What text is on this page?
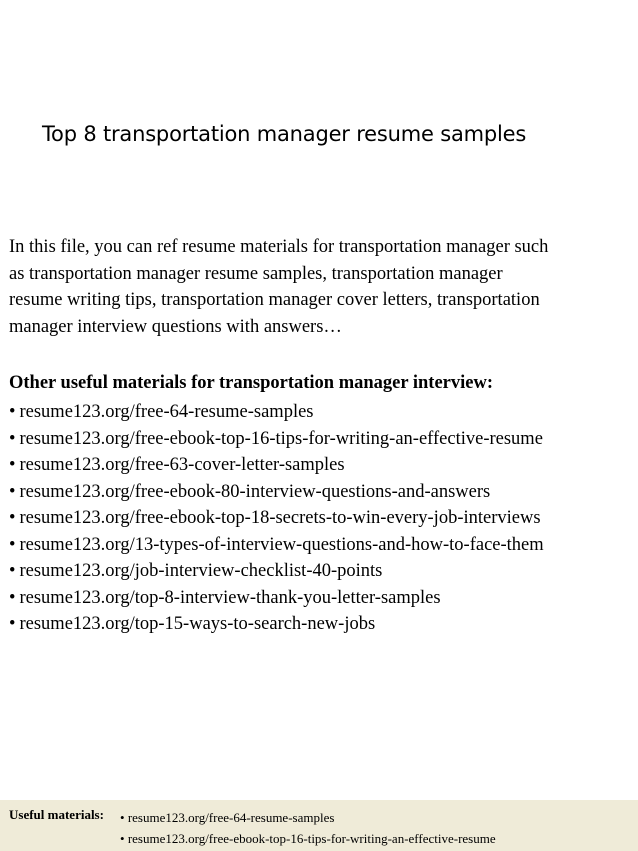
Top 8 transportation manager resume samples
In this file, you can ref resume materials for transportation manager such
as transportation manager resume samples, transportation manager
resume writing tips, transportation manager cover letters, transportation
manager interview questions with answers…
Other useful materials for transportation manager interview:
• resume123.org/free-64-resume-samples
• resume123.org/free-ebook-top-16-tips-for-writing-an-effective-resume
• resume123.org/free-63-cover-letter-samples
• resume123.org/free-ebook-80-interview-questions-and-answers
• resume123.org/free-ebook-top-18-secrets-to-win-every-job-interviews
• resume123.org/13-types-of-interview-questions-and-how-to-face-them
• resume123.org/job-interview-checklist-40-points
• resume123.org/top-8-interview-thank-you-letter-samples
• resume123.org/top-15-ways-to-search-new-jobs
Useful materials: • resume123.org/free-64-resume-samples
• resume123.org/free-ebook-top-16-tips-for-writing-an-effective-resume
